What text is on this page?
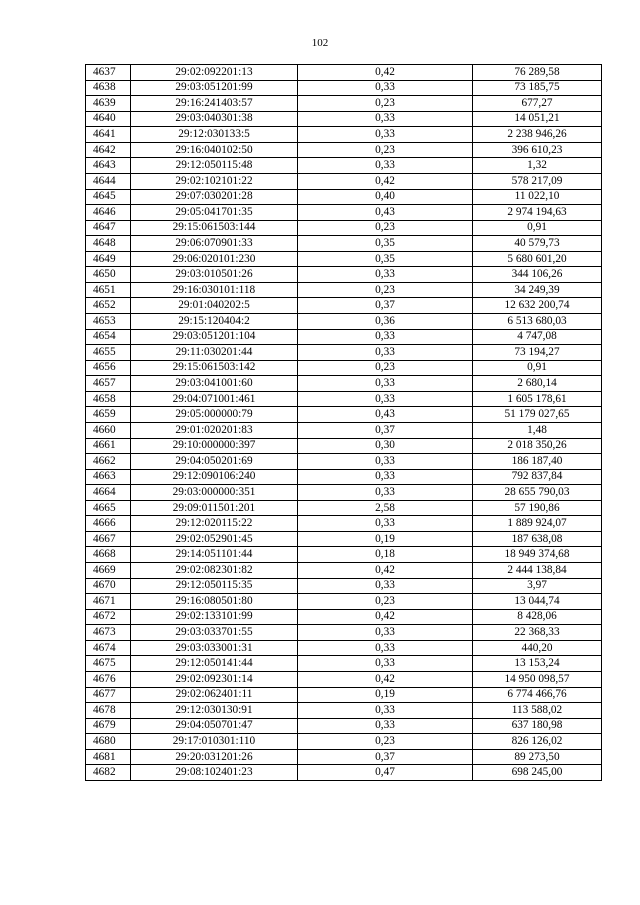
102
4637	29:02:092201:13	0,42	76 289,58
4638	29:03:051201:99	0,33	73 185,75
4639	29:16:241403:57	0,23	677,27
4640	29:03:040301:38	0,33	14 051,21
4641	29:12:030133:5	0,33	2 238 946,26
4642	29:16:040102:50	0,23	396 610,23
4643	29:12:050115:48	0,33	1,32
4644	29:02:102101:22	0,42	578 217,09
4645	29:07:030201:28	0,40	11 022,10
4646	29:05:041701:35	0,43	2 974 194,63
4647	29:15:061503:144	0,23	0,91
4648	29:06:070901:33	0,35	40 579,73
4649	29:06:020101:230	0,35	5 680 601,20
4650	29:03:010501:26	0,33	344 106,26
4651	29:16:030101:118	0,23	34 249,39
4652	29:01:040202:5	0,37	12 632 200,74
4653	29:15:120404:2	0,36	6 513 680,03
4654	29:03:051201:104	0,33	4 747,08
4655	29:11:030201:44	0,33	73 194,27
4656	29:15:061503:142	0,23	0,91
4657	29:03:041001:60	0,33	2 680,14
4658	29:04:071001:461	0,33	1 605 178,61
4659	29:05:000000:79	0,43	51 179 027,65
4660	29:01:020201:83	0,37	1,48
4661	29:10:000000:397	0,30	2 018 350,26
4662	29:04:050201:69	0,33	186 187,40
4663	29:12:090106:240	0,33	792 837,84
4664	29:03:000000:351	0,33	28 655 790,03
4665	29:09:011501:201	2,58	57 190,86
4666	29:12:020115:22	0,33	1 889 924,07
4667	29:02:052901:45	0,19	187 638,08
4668	29:14:051101:44	0,18	18 949 374,68
4669	29:02:082301:82	0,42	2 444 138,84
4670	29:12:050115:35	0,33	3,97
4671	29:16:080501:80	0,23	13 044,74
4672	29:02:133101:99	0,42	8 428,06
4673	29:03:033701:55	0,33	22 368,33
4674	29:03:033001:31	0,33	440,20
4675	29:12:050141:44	0,33	13 153,24
4676	29:02:092301:14	0,42	14 950 098,57
4677	29:02:062401:11	0,19	6 774 466,76
4678	29:12:030130:91	0,33	113 588,02
4679	29:04:050701:47	0,33	637 180,98
4680	29:17:010301:110	0,23	826 126,02
4681	29:20:031201:26	0,37	89 273,50
4682	29:08:102401:23	0,47	698 245,00
